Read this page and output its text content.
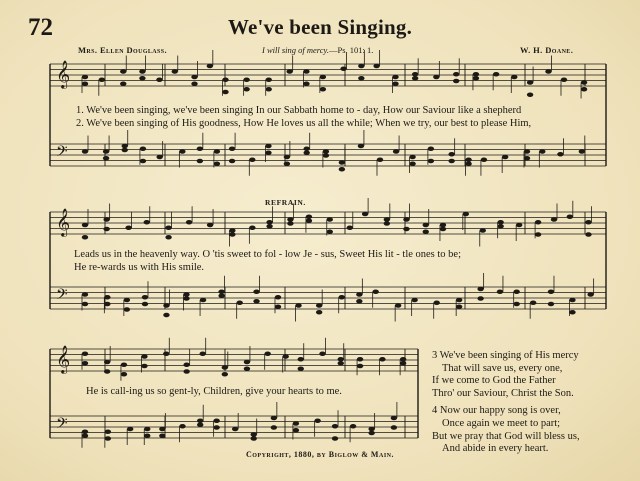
𝄞
𝄢
𝄞
𝄢
𝄞
𝄢
72	We've been Singing.
Mrs. Ellen Douglass.	I will sing of mercy.—Ps. 101: 1.	W. H. Doane.
1. We've been singing, we've been singing In our Sabbath home to - day, How our Saviour like a shepherd
2. We've been singing of His goodness, How He loves us all the while; When we try, our best to please Him,
REFRAIN.
Leads us in the heavenly way. O 'tis sweet to fol - low Je - sus, Sweet His lit - tle ones to be;
He re-wards us with His smile.
He is call-ing us so gent-ly, Children, give your hearts to me.
3 We've been singing of His mercy
That will save us, every one,
If we come to God the Father
Thro' our Saviour, Christ the Son.
4 Now our happy song is over,
Once again we meet to part;
But we pray that God will bless us,
And abide in every heart.
Copyright, 1880, by Biglow & Main.
